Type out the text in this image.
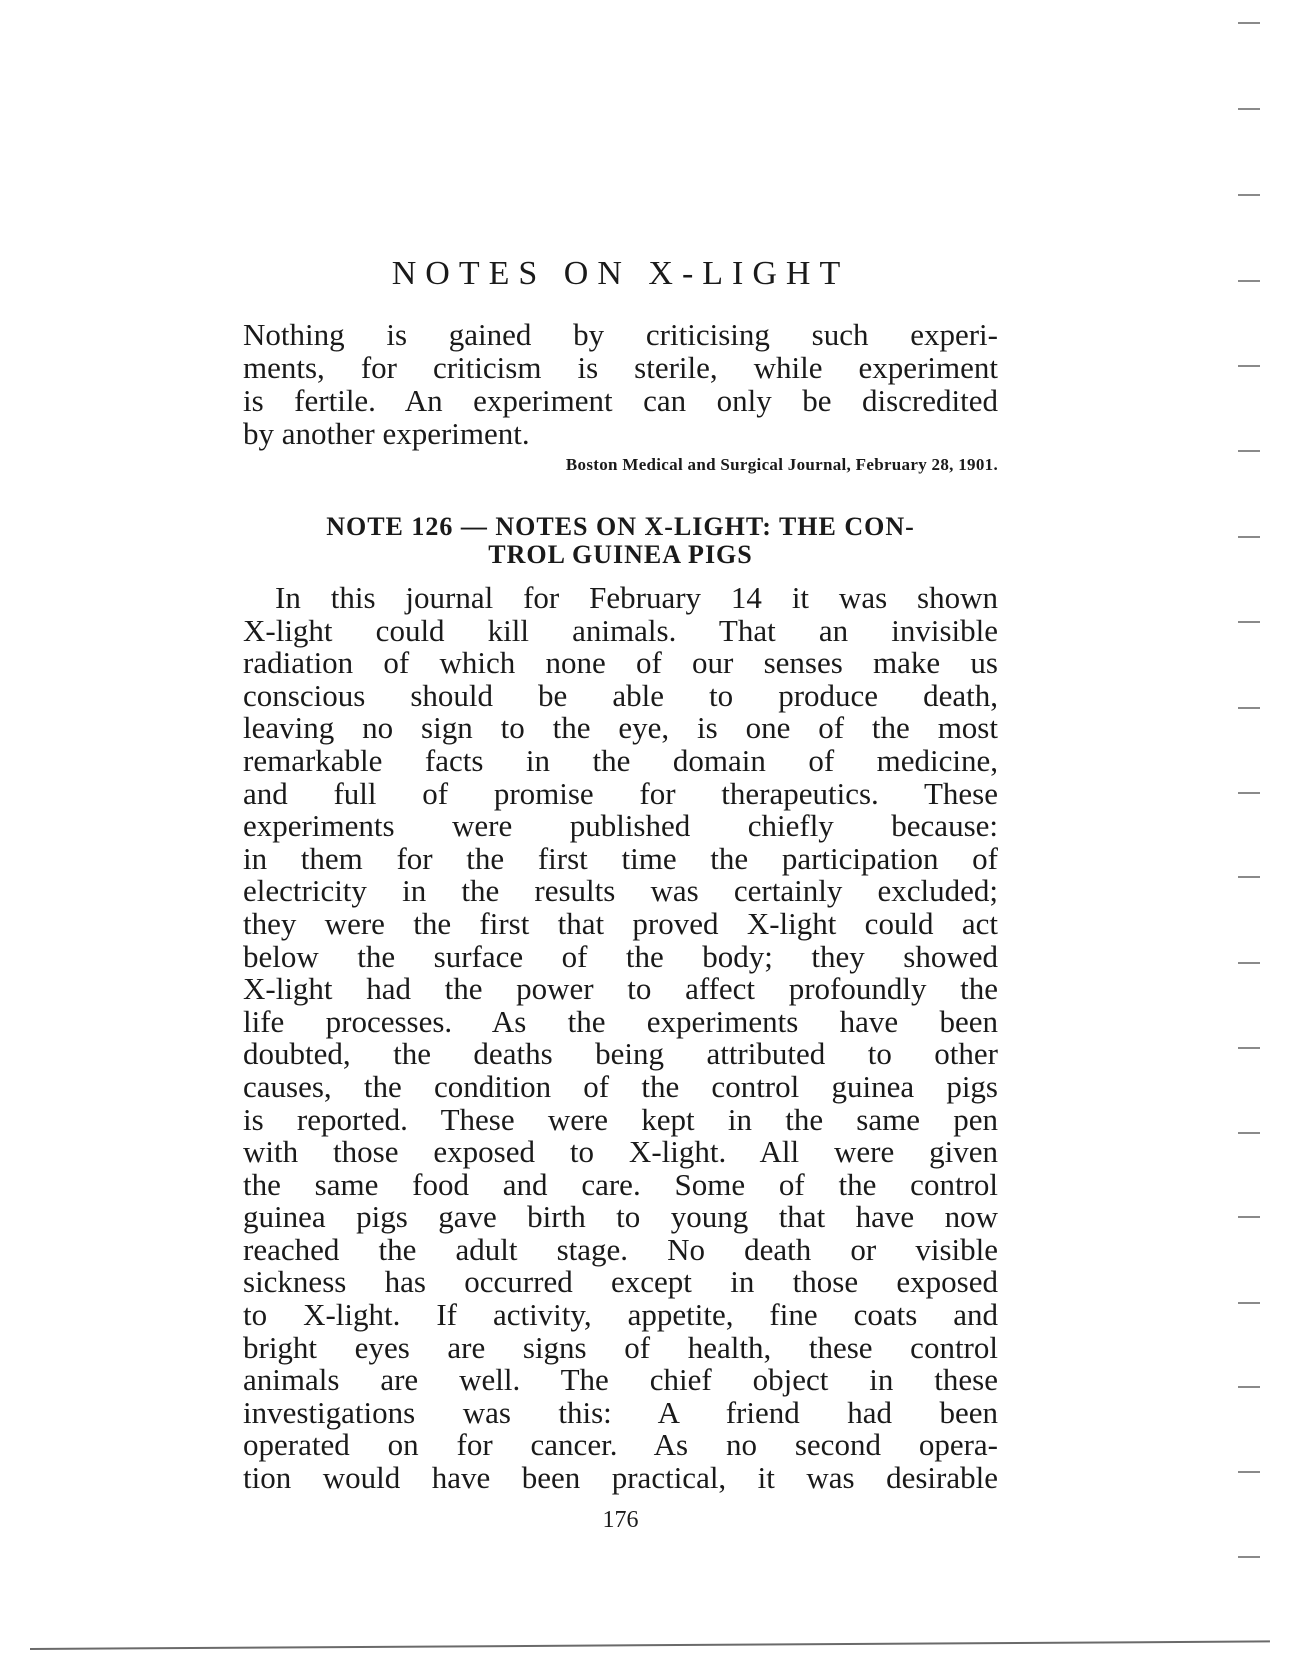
NOTES ON X-LIGHT
Nothing is gained by criticising such experi-
ments, for criticism is sterile, while experiment
is fertile. An experiment can only be discredited
by another experiment.

Boston Medical and Surgical Journal, February 28, 1901.

NOTE 126 — NOTES ON X-LIGHT: THE CON-
TROL GUINEA PIGS
In this journal for February 14 it was shown
X-light could kill animals. That an invisible
radiation of which none of our senses make us
conscious should be able to produce death,
leaving no sign to the eye, is one of the most
remarkable facts in the domain of medicine,
and full of promise for therapeutics. These
experiments were published chiefly because:
in them for the first time the participation of
electricity in the results was certainly excluded;
they were the first that proved X-light could act
below the surface of the body; they showed
X-light had the power to affect profoundly the
life processes. As the experiments have been
doubted, the deaths being attributed to other
causes, the condition of the control guinea pigs
is reported. These were kept in the same pen
with those exposed to X-light. All were given
the same food and care. Some of the control
guinea pigs gave birth to young that have now
reached the adult stage. No death or visible
sickness has occurred except in those exposed
to X-light. If activity, appetite, fine coats and
bright eyes are signs of health, these control
animals are well. The chief object in these
investigations was this: A friend had been
operated on for cancer. As no second opera-
tion would have been practical, it was desirable

176
